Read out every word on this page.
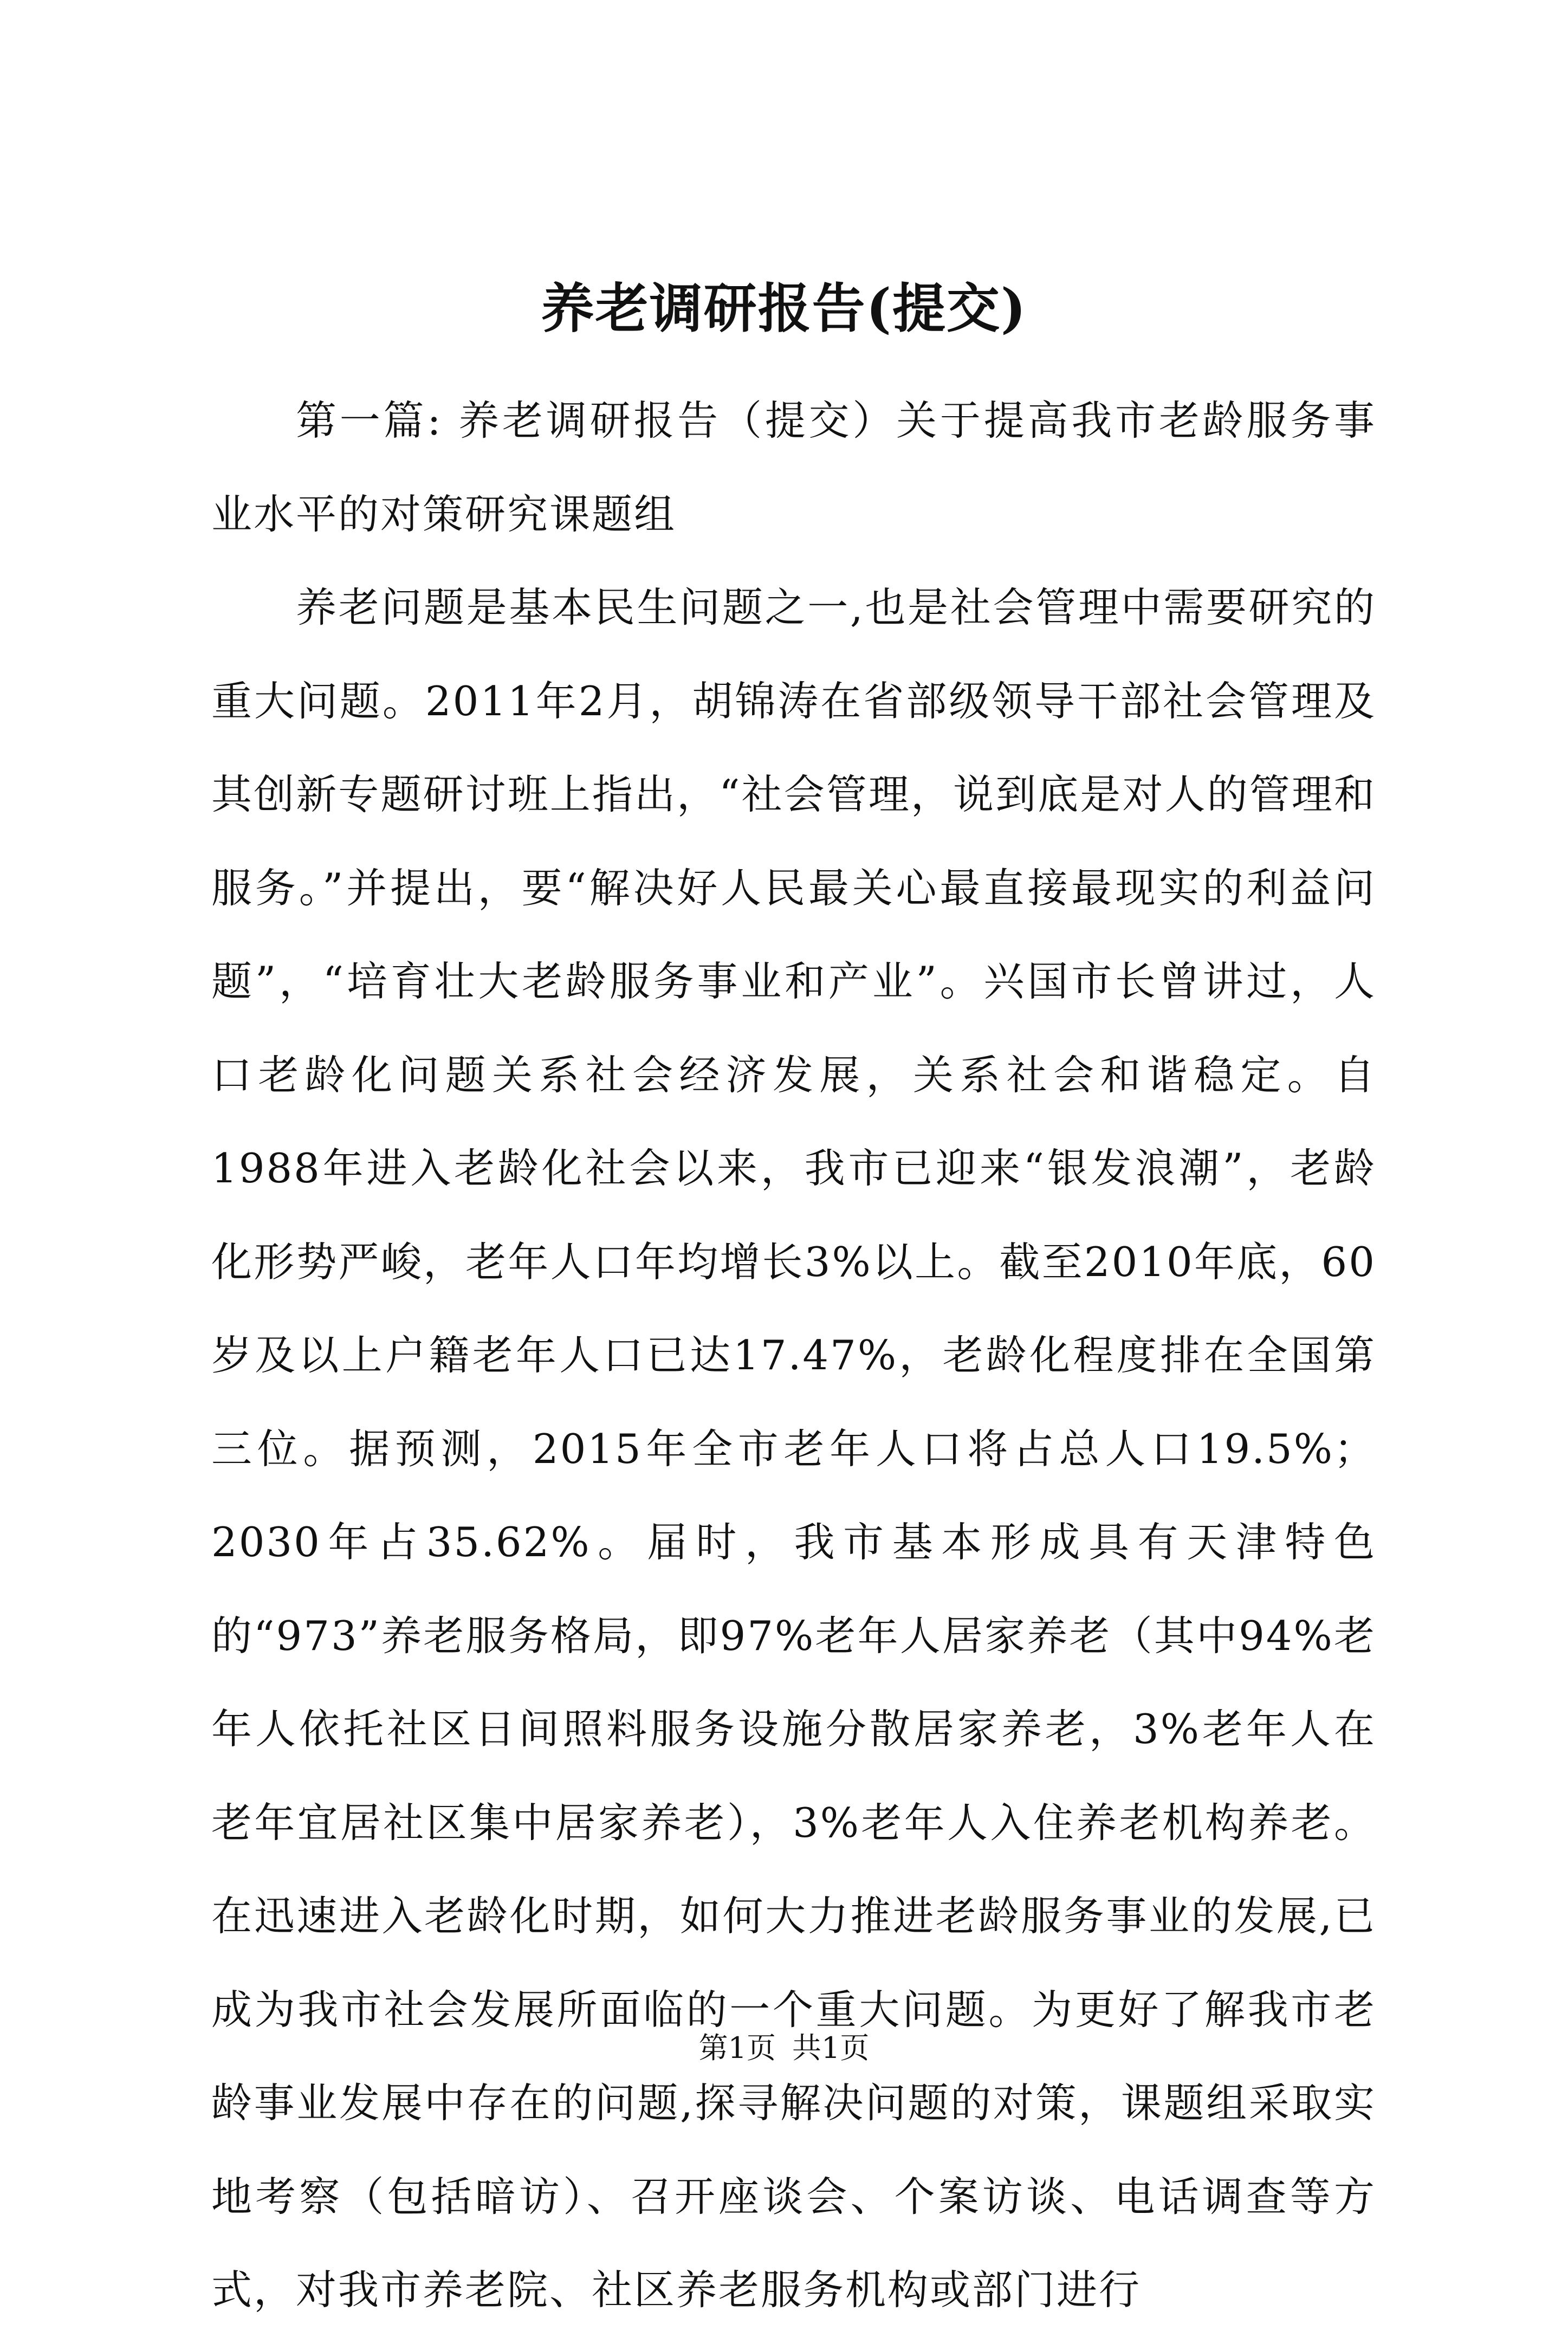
养老调研报告(提交)

第一篇: 养老调研报告（提交）关于提高我市老龄服务事业水平的对策研究课题组

养老问题是基本民生问题之一,也是社会管理中需要研究的重大问题。2011年2月，胡锦涛在省部级领导干部社会管理及其创新专题研讨班上指出，“社会管理，说到底是对人的管理和服务。”并提出，要“解决好人民最关心最直接最现实的利益问题”，“培育壮大老龄服务事业和产业”。兴国市长曾讲过，人口老龄化问题关系社会经济发展，关系社会和谐稳定。自1988年进入老龄化社会以来，我市已迎来“银发浪潮”，老龄化形势严峻，老年人口年均增长3%以上。截至2010年底，60岁及以上户籍老年人口已达17.47%，老龄化程度排在全国第三位。据预测，2015年全市老年人口将占总人口19.5%；2030年占35.62%。届时，我市基本形成具有天津特色的“973”养老服务格局，即97%老年人居家养老（其中94%老年人依托社区日间照料服务设施分散居家养老，3%老年人在老年宜居社区集中居家养老），3%老年人入住养老机构养老。在迅速进入老龄化时期，如何大力推进老龄服务事业的发展,已成为我市社会发展所面临的一个重大问题。为更好了解我市老龄事业发展中存在的问题,探寻解决问题的对策，课题组采取实地考察（包括暗访）、召开座谈会、个案访谈、电话调查等方式，对我市养老院、社区养老服务机构或部门进行

第1页 共1页
